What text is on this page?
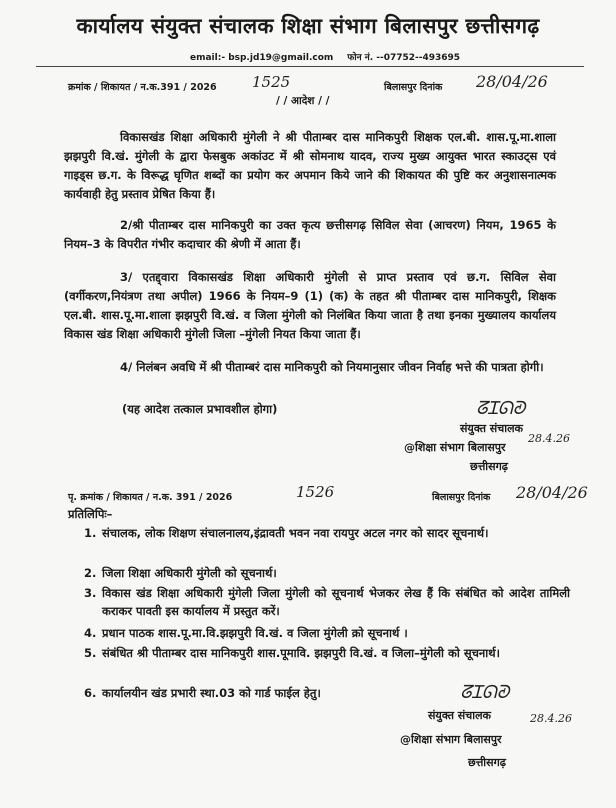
कार्यालय संयुक्त संचालक शिक्षा संभाग बिलासपुर छत्तीसगढ़
email:- bsp.jd19@gmail.com फोन नं. --07752--493695
क्रमांक / शिकायत / न.क.391 / 2026 1525	बिलासपुर दिनांक 28/04/26
/ / आदेश / /
विकासखंड शिक्षा अधिकारी मुंगेली ने श्री पीताम्बर दास मानिकपुरी शिक्षक एल.बी. शास.पू.मा.शाला झझपुरी वि.खं. मुंगेली के द्वारा फेसबुक अकांउट में श्री सोमनाथ यादव, राज्य मुख्य आयुक्त भारत स्काउट्स एवं गाइड्स छ.ग. के विरूद्ध घृणित शब्दों का प्रयोग कर अपमान किये जाने की शिकायत की पुष्टि कर अनुशासनात्मक कार्यवाही हेतु प्रस्ताव प्रेषित किया हैं।
2/श्री पीताम्बर दास मानिकपुरी का उक्त कृत्य छत्तीसगढ़ सिविल सेवा (आचरण) नियम, 1965 के नियम–3 के विपरीत गंभीर कदाचार की श्रेणी में आता हैं।
3/ एतद्द्वारा विकासखंड शिक्षा अधिकारी मुंगेली से प्राप्त प्रस्ताव एवं छ.ग. सिविल सेवा (वर्गीकरण,नियंत्रण तथा अपील) 1966 के नियम–9 (1) (क) के तहत श्री पीताम्बर दास मानिकपुरी, शिक्षक एल.बी. शास.पू.मा.शाला झझपुरी वि.खं. व जिला मुंगेली को निलंबित किया जाता है तथा इनका मुख्यालय कार्यालय विकास खंड शिक्षा अधिकारी मुंगेली जिला –मुंगेली नियत किया जाता हैं।
4/ निलंबन अवधि में श्री पीताम्बरं दास मानिकपुरी को नियमानुसार जीवन निर्वाह भत्ते की पात्रता होगी।
(यह आदेश तत्काल प्रभावशील होगा)	ᘔꞮᘏᘑ
संयुक्त संचालक
28.4.26
@शिक्षा संभाग बिलासपुर
छत्तीसगढ़
पृ. क्रमांक / शिकायत / न.क. 391 / 2026	1526	बिलासपुर दिनांक 28/04/26
प्रतिलिपिः–
1. संचालक, लोक शिक्षण संचालनालय,इंद्रावती भवन नवा रायपुर अटल नगर को सादर सूचनार्थ।
2. जिला शिक्षा अधिकारी मुंगेली को सूचनार्थ।
3. विकास खंड शिक्षा अधिकारी मुंगेली जिला मुंगेली को सूचनार्थ भेजकर लेख हैं कि संबंधित को आदेश तामिली कराकर पावती इस कार्यालय में प्रस्तुत करें।
4. प्रधान पाठक शास.पू.मा.वि.झझपुरी वि.खं. व जिला मुंगेली क्रो सूचनार्थ ।
5. संबंधित श्री पीताम्बर दास मानिकपुरी शास.पूमावि. झझपुरी वि.खं. व जिला–मुंगेली को सूचनार्थ।
6. कार्यालयीन खंड प्रभारी स्था.03 को गार्ड फाईल हेतु।	ᘔꞮᘏᘑ
संयुक्त संचालक	28.4.26
@शिक्षा संभाग बिलासपुर
छत्तीसगढ़
